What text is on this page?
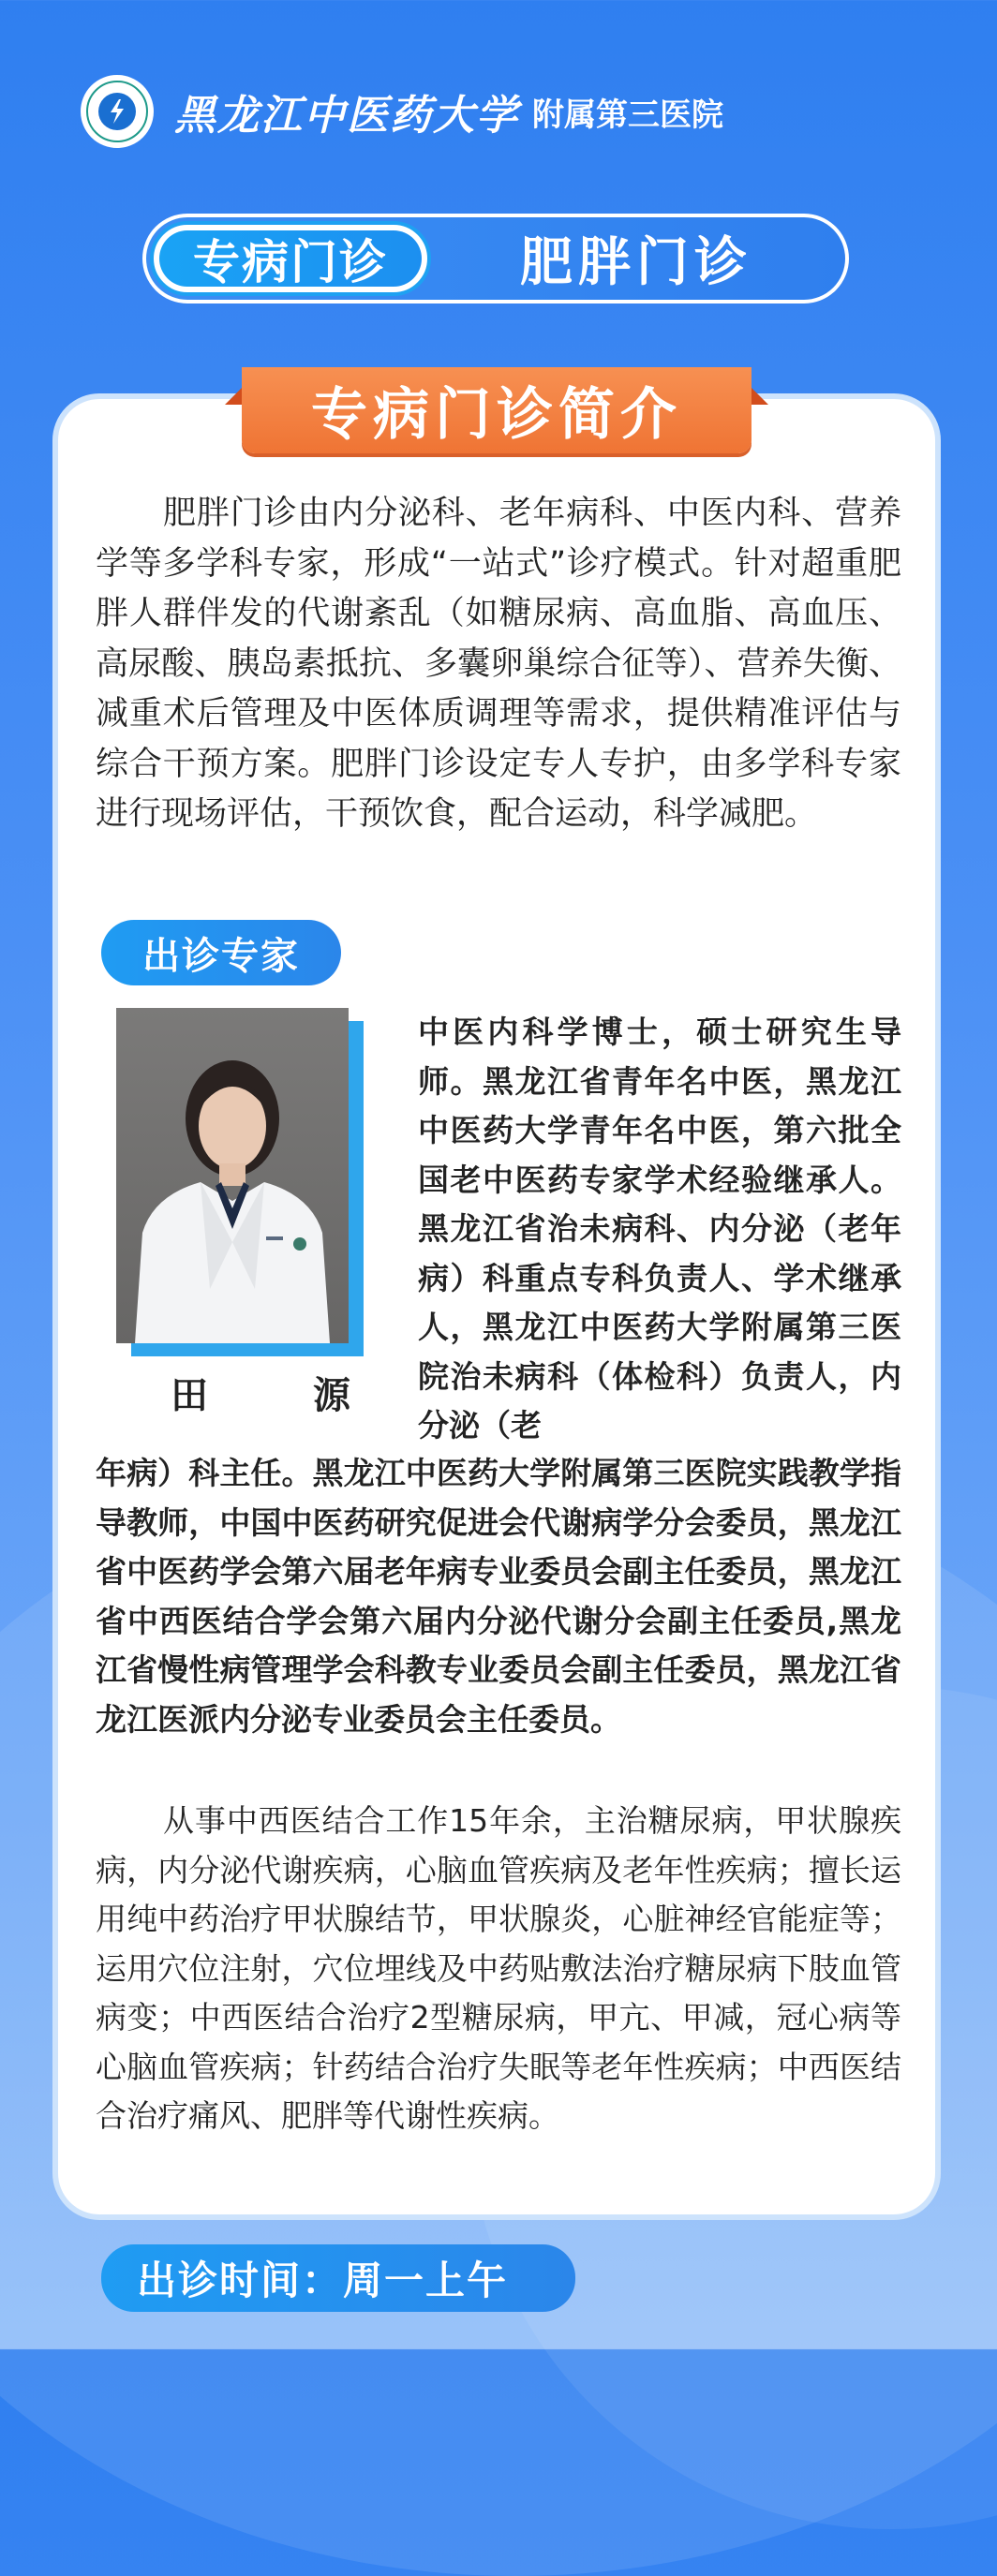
黑龙江中医药大学 附属第三医院
专病门诊	肥胖门诊
专病门诊简介

肥胖门诊由内分泌科、老年病科、中医内科、营养学等多学科专家，形成“一站式”诊疗模式。针对超重肥胖人群伴发的代谢紊乱（如糖尿病、高血脂、高血压、高尿酸、胰岛素抵抗、多囊卵巢综合征等）、营养失衡、减重术后管理及中医体质调理等需求，提供精准评估与综合干预方案。肥胖门诊设定专人专护，由多学科专家进行现场评估，干预饮食，配合运动，科学减肥。

出诊专家
田　源

中医内科学博士，硕士研究生导师。黑龙江省青年名中医，黑龙江中医药大学青年名中医，第六批全国老中医药专家学术经验继承人。黑龙江省治未病科、内分泌（老年病）科重点专科负责人、学术继承人，黑龙江中医药大学附属第三医院治未病科（体检科）负责人，内分泌（老

年病）科主任。黑龙江中医药大学附属第三医院实践教学指导教师，中国中医药研究促进会代谢病学分会委员，黑龙江省中医药学会第六届老年病专业委员会副主任委员，黑龙江省中西医结合学会第六届内分泌代谢分会副主任委员,黑龙江省慢性病管理学会科教专业委员会副主任委员，黑龙江省龙江医派内分泌专业委员会主任委员。

从事中西医结合工作15年余，主治糖尿病，甲状腺疾病，内分泌代谢疾病，心脑血管疾病及老年性疾病；擅长运用纯中药治疗甲状腺结节，甲状腺炎，心脏神经官能症等；运用穴位注射，穴位埋线及中药贴敷法治疗糖尿病下肢血管病变；中西医结合治疗2型糖尿病，甲亢、甲减，冠心病等心脑血管疾病；针药结合治疗失眠等老年性疾病；中西医结合治疗痛风、肥胖等代谢性疾病。

出诊时间：周一上午
